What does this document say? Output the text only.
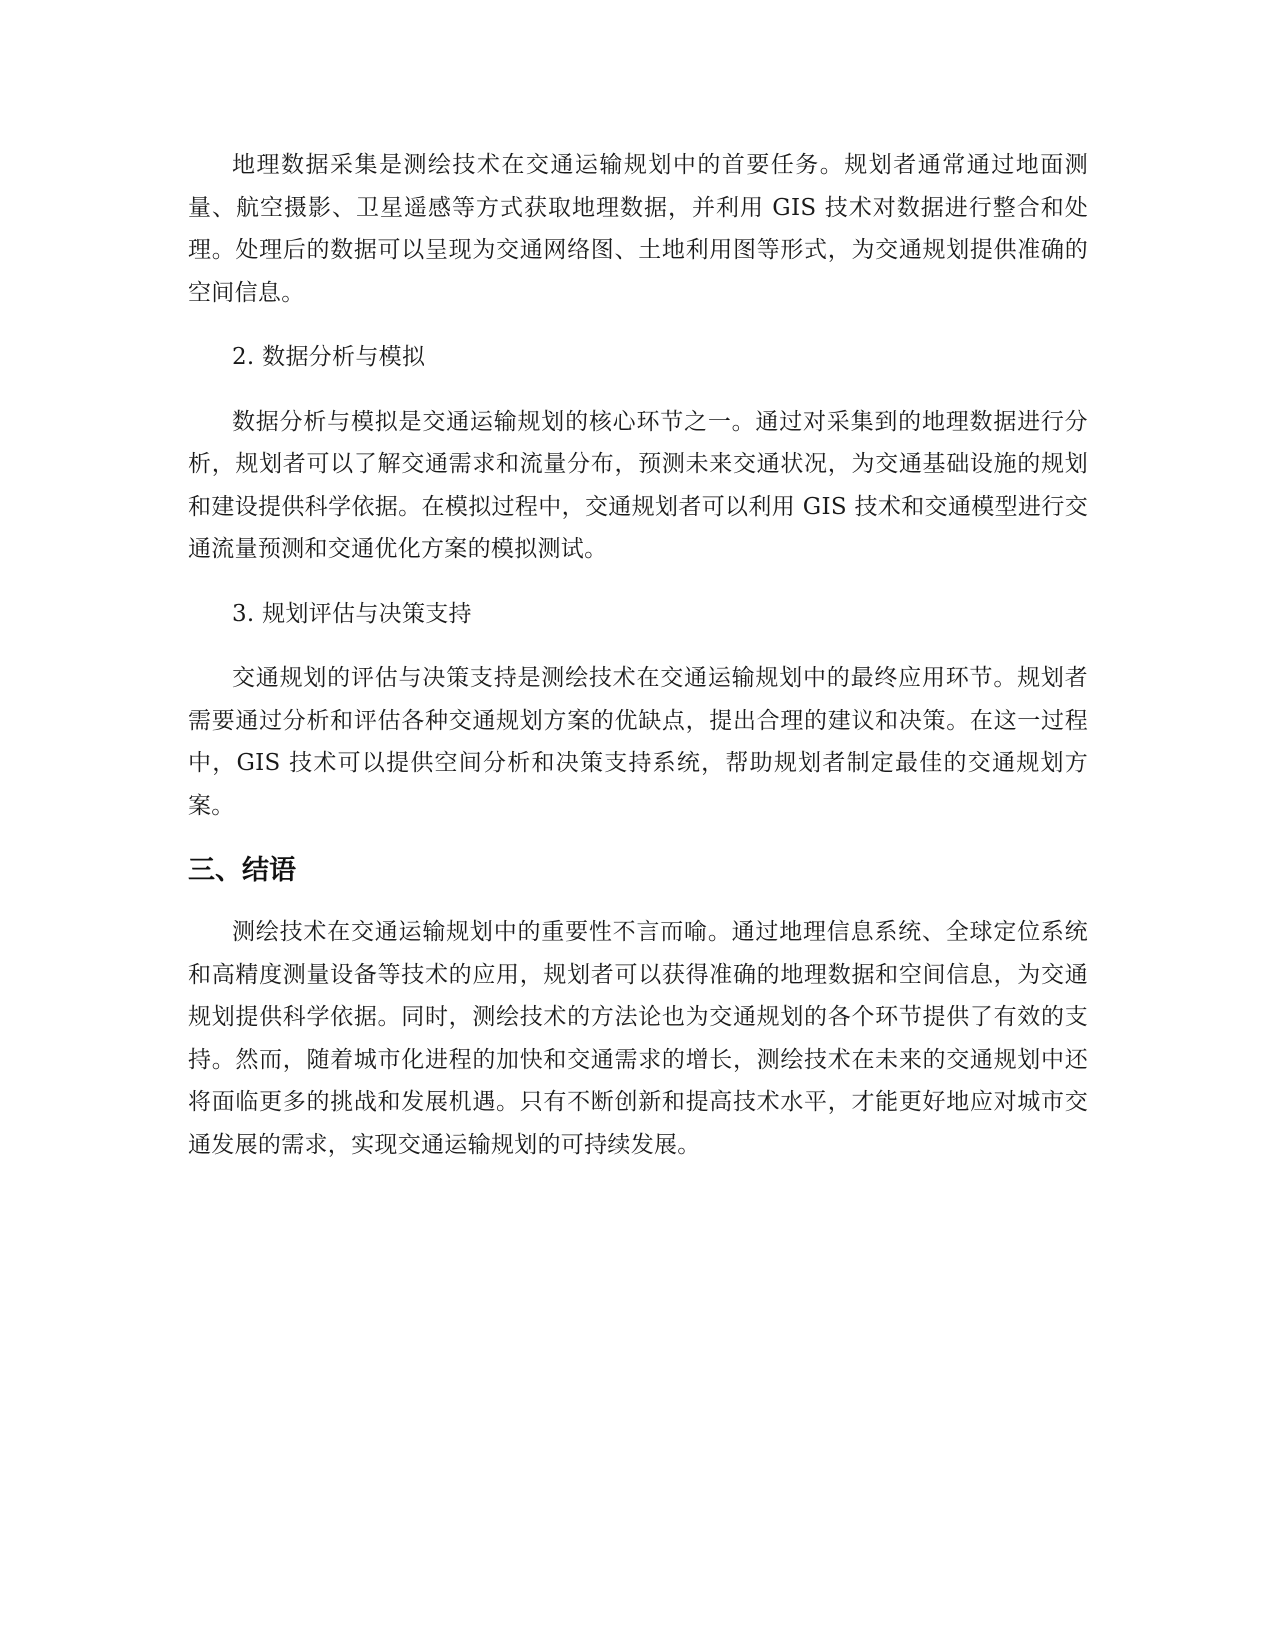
地理数据采集是测绘技术在交通运输规划中的首要任务。规划者通常通过地面测量、航空摄影、卫星遥感等方式获取地理数据，并利用 GIS 技术对数据进行整合和处理。处理后的数据可以呈现为交通网络图、土地利用图等形式，为交通规划提供准确的空间信息。

2. 数据分析与模拟

数据分析与模拟是交通运输规划的核心环节之一。通过对采集到的地理数据进行分析，规划者可以了解交通需求和流量分布，预测未来交通状况，为交通基础设施的规划和建设提供科学依据。在模拟过程中，交通规划者可以利用 GIS 技术和交通模型进行交通流量预测和交通优化方案的模拟测试。

3. 规划评估与决策支持

交通规划的评估与决策支持是测绘技术在交通运输规划中的最终应用环节。规划者需要通过分析和评估各种交通规划方案的优缺点，提出合理的建议和决策。在这一过程中，GIS 技术可以提供空间分析和决策支持系统，帮助规划者制定最佳的交通规划方案。

三、结语

测绘技术在交通运输规划中的重要性不言而喻。通过地理信息系统、全球定位系统和高精度测量设备等技术的应用，规划者可以获得准确的地理数据和空间信息，为交通规划提供科学依据。同时，测绘技术的方法论也为交通规划的各个环节提供了有效的支持。然而，随着城市化进程的加快和交通需求的增长，测绘技术在未来的交通规划中还将面临更多的挑战和发展机遇。只有不断创新和提高技术水平，才能更好地应对城市交通发展的需求，实现交通运输规划的可持续发展。
